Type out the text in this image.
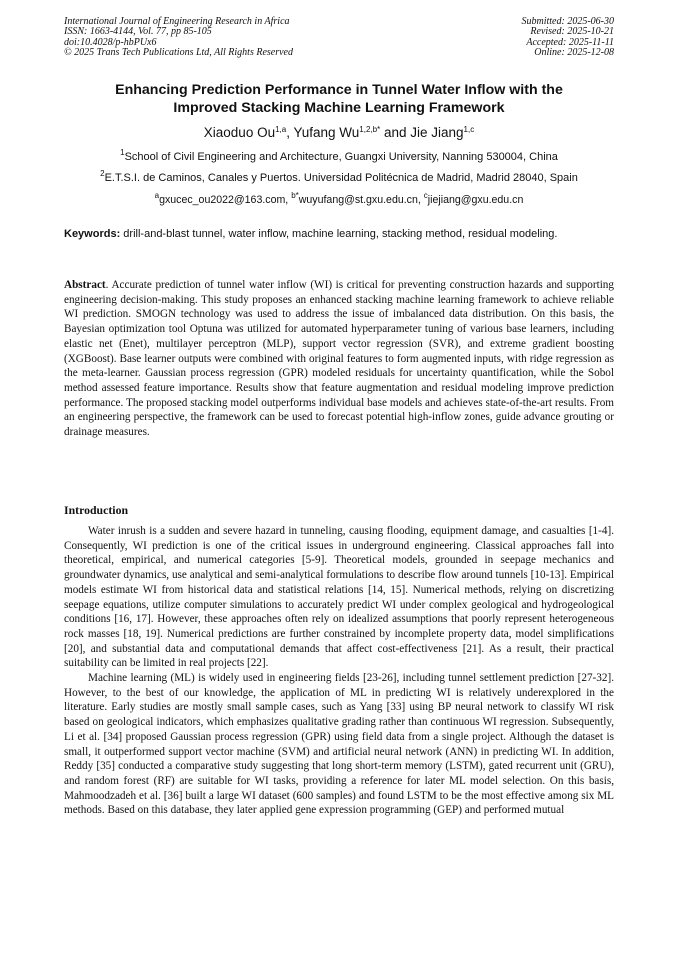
International Journal of Engineering Research in Africa
ISSN: 1663-4144, Vol. 77, pp 85-105
doi:10.4028/p-hbPUx6
© 2025 Trans Tech Publications Ltd, All Rights Reserved
Submitted: 2025-06-30
Revised: 2025-10-21
Accepted: 2025-11-11
Online: 2025-12-08
Enhancing Prediction Performance in Tunnel Water Inflow with the
Improved Stacking Machine Learning Framework
Xiaoduo Ou$^{1,a}$, Yufang $Wu^{1,2,b*}$ and Jie Jiang$^{1,c}$
$^1$School of Civil Engineering and Architecture, Guangxi University, Nanning 530004, China
$^2$E.T.S.I. de Caminos, Canales y Puertos. Universidad Politécnica de Madrid, Madrid 28040, Spain
$^a$gxucec_ou2022@163.com, $^{b*}$wuyufang@st.gxu.edu.cn, $^c$jiejiang@gxu.edu.cn
Keywords: drill-and-blast tunnel, water inflow, machine learning, stacking method, residual modeling.
Abstract. Accurate prediction of tunnel water inflow (WI) is critical for preventing construction hazards and supporting engineering decision-making. This study proposes an enhanced stacking machine learning framework to achieve reliable WI prediction. SMOGN technology was used to address the issue of imbalanced data distribution. On this basis, the Bayesian optimization tool Optuna was utilized for automated hyperparameter tuning of various base learners, including elastic net (Enet), multilayer perceptron (MLP), support vector regression (SVR), and extreme gradient boosting (XGBoost). Base learner outputs were combined with original features to form augmented inputs, with ridge regression as the meta-learner. Gaussian process regression (GPR) modeled residuals for uncertainty quantification, while the Sobol method assessed feature importance. Results show that feature augmentation and residual modeling improve prediction performance. The proposed stacking model outperforms individual base models and achieves state-of-the-art results. From an engineering perspective, the framework can be used to forecast potential high-inflow zones, guide advance grouting or drainage measures.
Introduction

Water inrush is a sudden and severe hazard in tunneling, causing flooding, equipment damage, and casualties [1-4]. Consequently, WI prediction is one of the critical issues in underground engineering. Classical approaches fall into theoretical, empirical, and numerical categories [5-9]. Theoretical models, grounded in seepage mechanics and groundwater dynamics, use analytical and semi-analytical formulations to describe flow around tunnels [10-13]. Empirical models estimate WI from historical data and statistical relations [14, 15]. Numerical methods, relying on discretizing seepage equations, utilize computer simulations to accurately predict WI under complex geological and hydrogeological conditions [16, 17]. However, these approaches often rely on idealized assumptions that poorly represent heterogeneous rock masses [18, 19]. Numerical predictions are further constrained by incomplete property data, model simplifications [20], and substantial data and computational demands that affect cost-effectiveness [21]. As a result, their practical suitability can be limited in real projects [22].

Machine learning (ML) is widely used in engineering fields [23-26], including tunnel settlement prediction [27-32]. However, to the best of our knowledge, the application of ML in predicting WI is relatively underexplored in the literature. Early studies are mostly small sample cases, such as Yang [33] using BP neural network to classify WI risk based on geological indicators, which emphasizes qualitative grading rather than continuous WI regression. Subsequently, Li et al. [34] proposed Gaussian process regression (GPR) using field data from a single project. Although the dataset is small, it outperformed support vector machine (SVM) and artificial neural network (ANN) in predicting WI. In addition, Reddy [35] conducted a comparative study suggesting that long short-term memory (LSTM), gated recurrent unit (GRU), and random forest (RF) are suitable for WI tasks, providing a reference for later ML model selection. On this basis, Mahmoodzadeh et al. [36] built a large WI dataset (600 samples) and found LSTM to be the most effective among six ML methods. Based on this database, they later applied gene expression programming (GEP) and performed mutual
